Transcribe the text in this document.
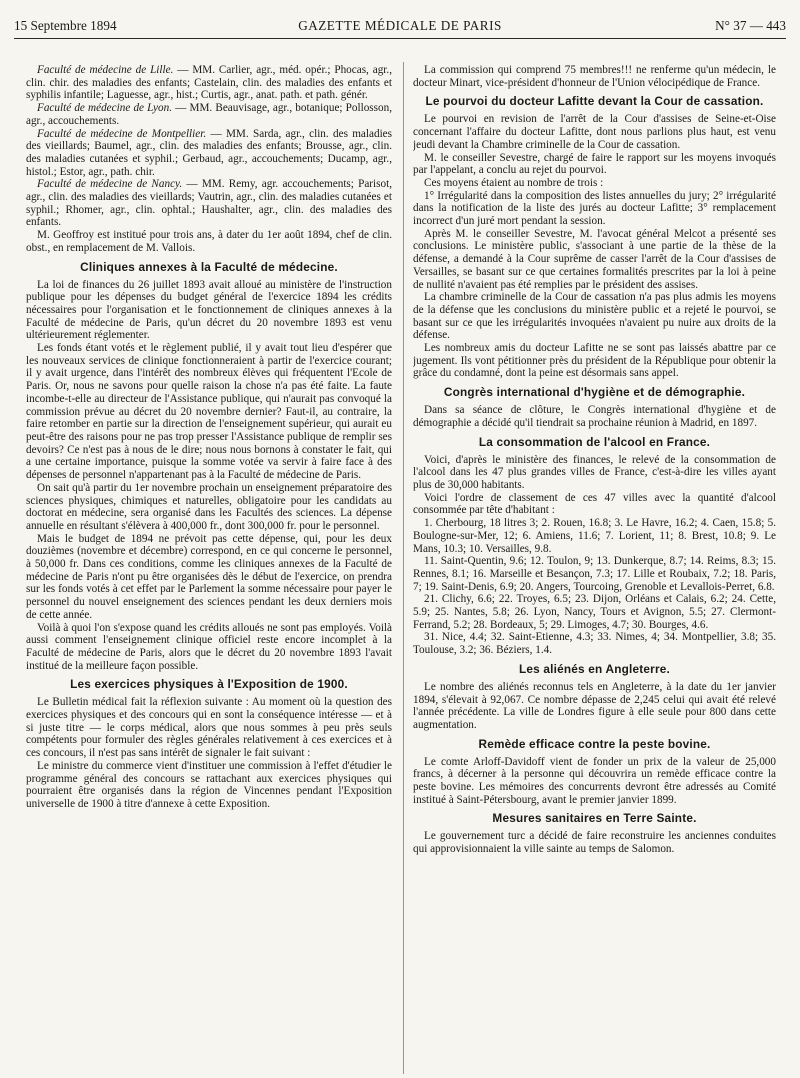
15 Septembre 1894	GAZETTE MÉDICALE DE PARIS	N° 37 — 443

Faculté de médecine de Lille. — MM. Carlier, agr., méd. opér.; Phocas, agr., clin. chir. des maladies des enfants; Castelain, clin. des maladies des enfants et syphilis infantile; Laguesse, agr., hist.; Curtis, agr., anat. path. et path. génér.

Faculté de médecine de Lyon. — MM. Beauvisage, agr., botanique; Pollosson, agr., accouchements.

Faculté de médecine de Montpellier. — MM. Sarda, agr., clin. des maladies des vieillards; Baumel, agr., clin. des maladies des enfants; Brousse, agr., clin. des maladies cutanées et syphil.; Gerbaud, agr., accouchements; Ducamp, agr., histol.; Estor, agr., path. chir.

Faculté de médecine de Nancy. — MM. Remy, agr. accouchements; Parisot, agr., clin. des maladies des vieillards; Vautrin, agr., clin. des maladies cutanées et syphil.; Rhomer, agr., clin. ophtal.; Haushalter, agr., clin. des maladies des enfants.

M. Geoffroy est institué pour trois ans, à dater du 1er août 1894, chef de clin. obst., en remplacement de M. Vallois.

Cliniques annexes à la Faculté de médecine.

La loi de finances du 26 juillet 1893 avait alloué au ministère de l'instruction publique pour les dépenses du budget général de l'exercice 1894 les crédits nécessaires pour l'organisation et le fonctionnement de cliniques annexes à la Faculté de médecine de Paris, qu'un décret du 20 novembre 1893 est venu ultérieurement réglementer.

Les fonds étant votés et le règlement publié, il y avait tout lieu d'espérer que les nouveaux services de clinique fonctionneraient à partir de l'exercice courant; il y avait urgence, dans l'intérêt des nombreux élèves qui fréquentent l'Ecole de Paris. Or, nous ne savons pour quelle raison la chose n'a pas été faite. La faute incombe-t-elle au directeur de l'Assistance publique, qui n'aurait pas convoqué la commission prévue au décret du 20 novembre dernier? Faut-il, au contraire, la faire retomber en partie sur la direction de l'enseignement supérieur, qui aurait eu peut-être des raisons pour ne pas trop presser l'Assistance publique de remplir ses devoirs? Ce n'est pas à nous de le dire; nous nous bornons à constater le fait, qui a une certaine importance, puisque la somme votée va servir à faire face à des dépenses de personnel n'appartenant pas à la Faculté de médecine de Paris.

On sait qu'à partir du 1er novembre prochain un enseignement préparatoire des sciences physiques, chimiques et naturelles, obligatoire pour les candidats au doctorat en médecine, sera organisé dans les Facultés des sciences. La dépense annuelle en résultant s'élèvera à 400,000 fr., dont 300,000 fr. pour le personnel.

Mais le budget de 1894 ne prévoit pas cette dépense, qui, pour les deux douzièmes (novembre et décembre) correspond, en ce qui concerne le personnel, à 50,000 fr. Dans ces conditions, comme les cliniques annexes de la Faculté de médecine de Paris n'ont pu être organisées dès le début de l'exercice, on prendra sur les fonds votés à cet effet par le Parlement la somme nécessaire pour payer le personnel du nouvel enseignement des sciences pendant les deux derniers mois de cette année.

Voilà à quoi l'on s'expose quand les crédits alloués ne sont pas employés. Voilà aussi comment l'enseignement clinique officiel reste encore incomplet à la Faculté de médecine de Paris, alors que le décret du 20 novembre 1893 l'avait institué de la meilleure façon possible.

Les exercices physiques à l'Exposition de 1900.

Le Bulletin médical fait la réflexion suivante : Au moment où la question des exercices physiques et des concours qui en sont la conséquence intéresse — et à si juste titre — le corps médical, alors que nous sommes à peu près seuls compétents pour formuler des règles générales relativement à ces exercices et à ces concours, il n'est pas sans intérêt de signaler le fait suivant :

Le ministre du commerce vient d'instituer une commission à l'effet d'étudier le programme général des concours se rattachant aux exercices physiques qui pourraient être organisés dans la région de Vincennes pendant l'Exposition universelle de 1900 à titre d'annexe à cette Exposition.

La commission qui comprend 75 membres!!! ne renferme qu'un médecin, le docteur Minart, vice-président d'honneur de l'Union vélocipédique de France.

Le pourvoi du docteur Lafitte devant la Cour de cassation.

Le pourvoi en revision de l'arrêt de la Cour d'assises de Seine-et-Oise concernant l'affaire du docteur Lafitte, dont nous parlions plus haut, est venu jeudi devant la Chambre criminelle de la Cour de cassation.

M. le conseiller Sevestre, chargé de faire le rapport sur les moyens invoqués par l'appelant, a conclu au rejet du pourvoi.

Ces moyens étaient au nombre de trois :

1° Irrégularité dans la composition des listes annuelles du jury; 2° irrégularité dans la notification de la liste des jurés au docteur Lafitte; 3° remplacement incorrect d'un juré mort pendant la session.

Après M. le conseiller Sevestre, M. l'avocat général Melcot a présenté ses conclusions. Le ministère public, s'associant à une partie de la thèse de la défense, a demandé à la Cour suprême de casser l'arrêt de la Cour d'assises de Versailles, se basant sur ce que certaines formalités prescrites par la loi à peine de nullité n'avaient pas été remplies par le président des assises.

La chambre criminelle de la Cour de cassation n'a pas plus admis les moyens de la défense que les conclusions du ministère public et a rejeté le pourvoi, se basant sur ce que les irrégularités invoquées n'avaient pu nuire aux droits de la défense.

Les nombreux amis du docteur Lafitte ne se sont pas laissés abattre par ce jugement. Ils vont pétitionner près du président de la République pour obtenir la grâce du condamné, dont la peine est désormais sans appel.

Congrès international d'hygiène et de démographie.

Dans sa séance de clôture, le Congrès international d'hygiène et de démographie a décidé qu'il tiendrait sa prochaine réunion à Madrid, en 1897.

La consommation de l'alcool en France.

Voici, d'après le ministère des finances, le relevé de la consommation de l'alcool dans les 47 plus grandes villes de France, c'est-à-dire les villes ayant plus de 30,000 habitants.

Voici l'ordre de classement de ces 47 villes avec la quantité d'alcool consommée par tête d'habitant :

1. Cherbourg, 18 litres 3; 2. Rouen, 16.8; 3. Le Havre, 16.2; 4. Caen, 15.8; 5. Boulogne-sur-Mer, 12; 6. Amiens, 11.6; 7. Lorient, 11; 8. Brest, 10.8; 9. Le Mans, 10.3; 10. Versailles, 9.8.

11. Saint-Quentin, 9.6; 12. Toulon, 9; 13. Dunkerque, 8.7; 14. Reims, 8.3; 15. Rennes, 8.1; 16. Marseille et Besançon, 7.3; 17. Lille et Roubaix, 7.2; 18. Paris, 7; 19. Saint-Denis, 6.9; 20. Angers, Tourcoing, Grenoble et Levallois-Perret, 6.8.

21. Clichy, 6.6; 22. Troyes, 6.5; 23. Dijon, Orléans et Calais, 6.2; 24. Cette, 5.9; 25. Nantes, 5.8; 26. Lyon, Nancy, Tours et Avignon, 5.5; 27. Clermont-Ferrand, 5.2; 28. Bordeaux, 5; 29. Limoges, 4.7; 30. Bourges, 4.6.

31. Nice, 4.4; 32. Saint-Etienne, 4.3; 33. Nimes, 4; 34. Montpellier, 3.8; 35. Toulouse, 3.2; 36. Béziers, 1.4.

Les aliénés en Angleterre.

Le nombre des aliénés reconnus tels en Angleterre, à la date du 1er janvier 1894, s'élevait à 92,067. Ce nombre dépasse de 2,245 celui qui avait été relevé l'année précédente. La ville de Londres figure à elle seule pour 800 dans cette augmentation.

Remède efficace contre la peste bovine.

Le comte Arloff-Davidoff vient de fonder un prix de la valeur de 25,000 francs, à décerner à la personne qui découvrira un remède efficace contre la peste bovine. Les mémoires des concurrents devront être adressés au Comité institué à Saint-Pétersbourg, avant le premier janvier 1899.

Mesures sanitaires en Terre Sainte.

Le gouvernement turc a décidé de faire reconstruire les anciennes conduites qui approvisionnaient la ville sainte au temps de Salomon.
